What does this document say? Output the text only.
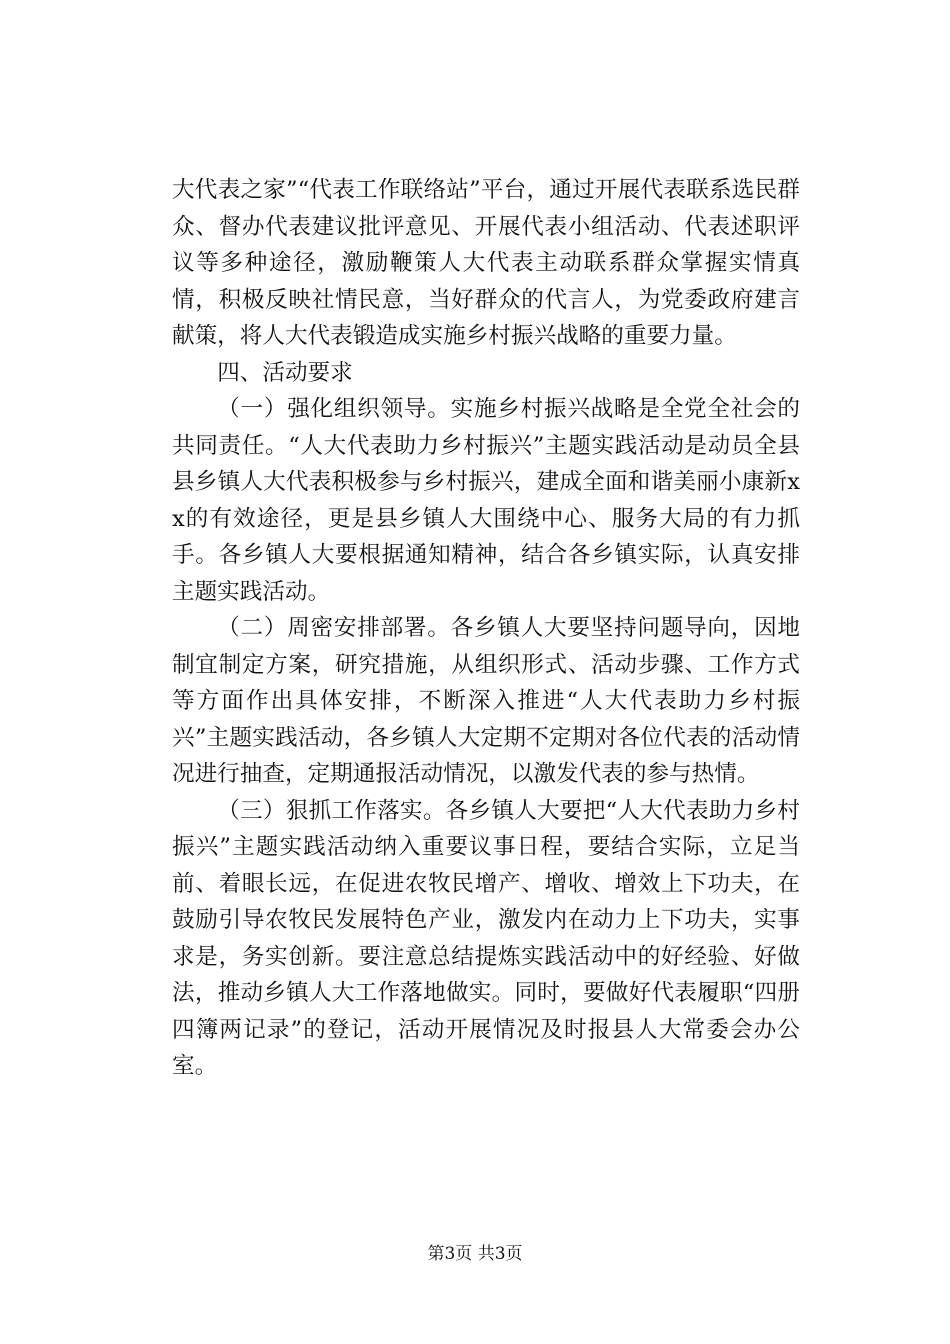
大代表之家”“代表工作联络站”平台，通过开展代表联系选民群众、督办代表建议批评意见、开展代表小组活动、代表述职评议等多种途径，激励鞭策人大代表主动联系群众掌握实情真情，积极反映社情民意，当好群众的代言人，为党委政府建言献策，将人大代表锻造成实施乡村振兴战略的重要力量。

四、活动要求

（一）强化组织领导。实施乡村振兴战略是全党全社会的共同责任。“人大代表助力乡村振兴”主题实践活动是动员全县县乡镇人大代表积极参与乡村振兴，建成全面和谐美丽小康新xx的有效途径，更是县乡镇人大围绕中心、服务大局的有力抓手。各乡镇人大要根据通知精神，结合各乡镇实际，认真安排主题实践活动。

（二）周密安排部署。各乡镇人大要坚持问题导向，因地制宜制定方案，研究措施，从组织形式、活动步骤、工作方式等方面作出具体安排，不断深入推进“人大代表助力乡村振兴”主题实践活动，各乡镇人大定期不定期对各位代表的活动情况进行抽查，定期通报活动情况，以激发代表的参与热情。

（三）狠抓工作落实。各乡镇人大要把“人大代表助力乡村振兴”主题实践活动纳入重要议事日程，要结合实际，立足当前、着眼长远，在促进农牧民增产、增收、增效上下功夫，在鼓励引导农牧民发展特色产业，激发内在动力上下功夫，实事求是，务实创新。要注意总结提炼实践活动中的好经验、好做法，推动乡镇人大工作落地做实。同时，要做好代表履职“四册四簿两记录”的登记，活动开展情况及时报县人大常委会办公室。

第3页 共3页
